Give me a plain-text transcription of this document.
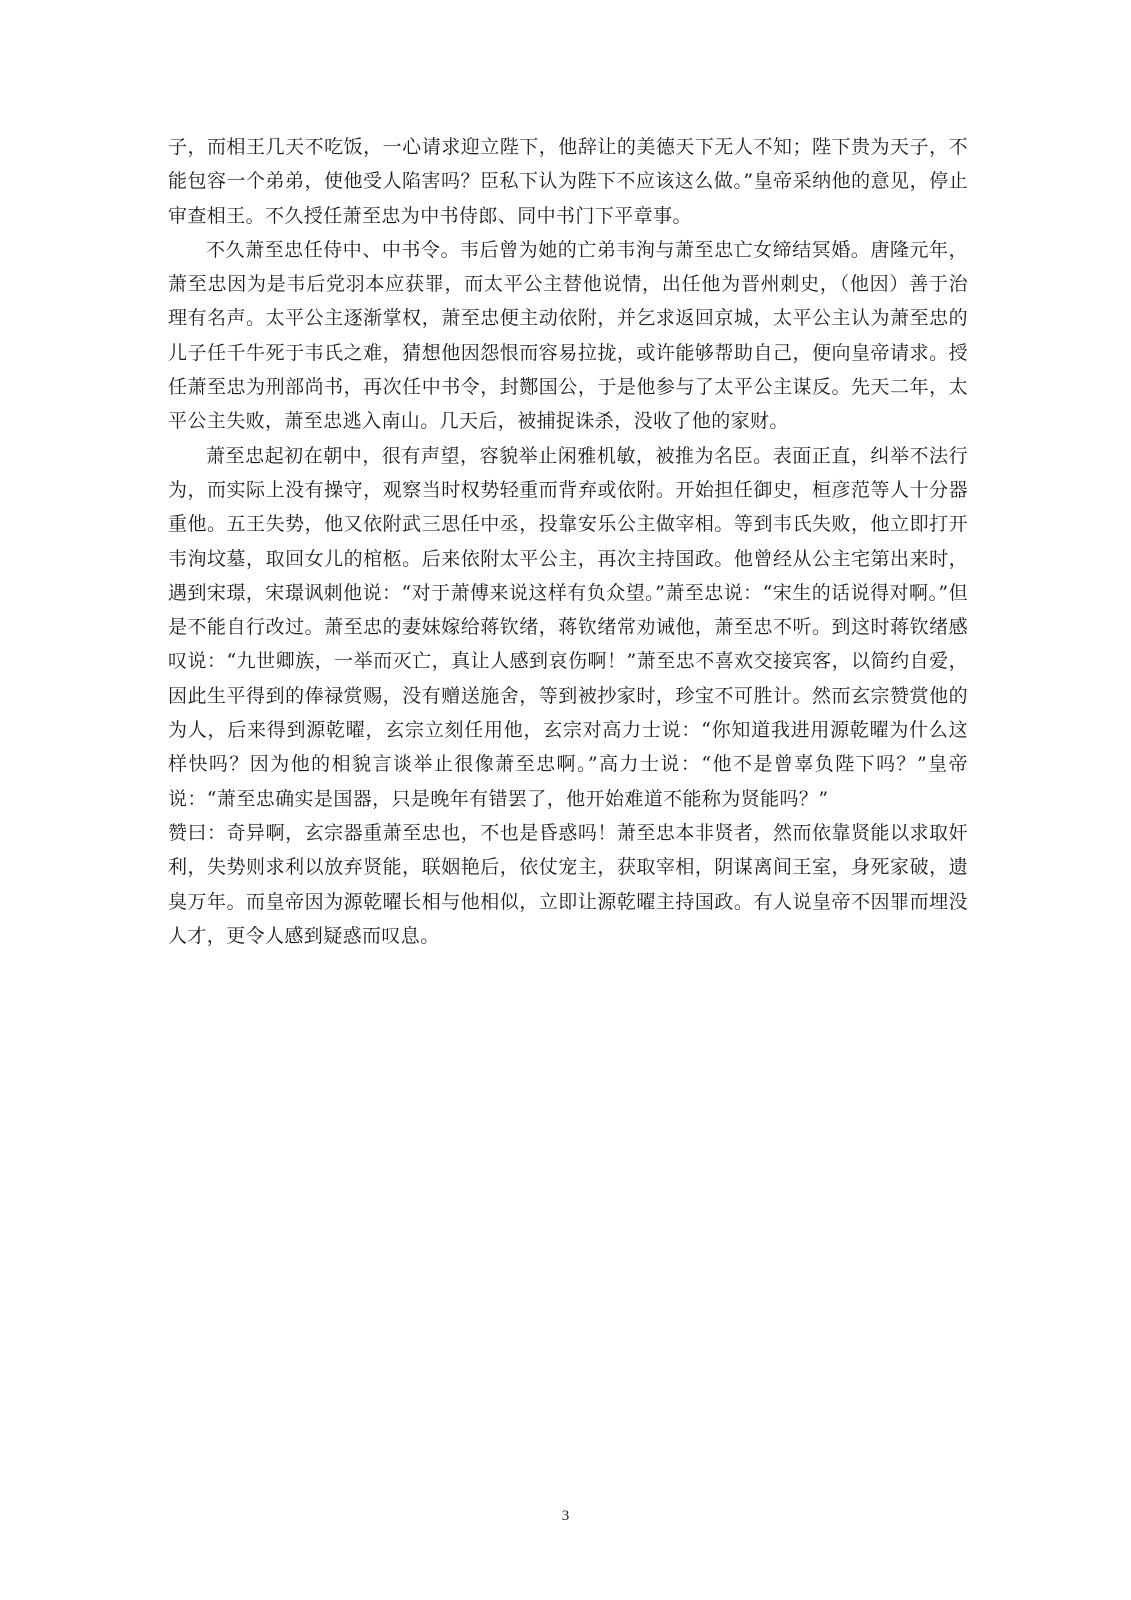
子，而相王几天不吃饭，一心请求迎立陛下，他辞让的美德天下无人不知；陛下贵为天子，不能包容一个弟弟，使他受人陷害吗？臣私下认为陛下不应该这么做。”皇帝采纳他的意见，停止审查相王。不久授任萧至忠为中书侍郎、同中书门下平章事。

不久萧至忠任侍中、中书令。韦后曾为她的亡弟韦洵与萧至忠亡女缔结冥婚。唐隆元年，萧至忠因为是韦后党羽本应获罪，而太平公主替他说情，出任他为晋州刺史，（他因）善于治理有名声。太平公主逐渐掌权，萧至忠便主动依附，并乞求返回京城，太平公主认为萧至忠的儿子任千牛死于韦氏之难，猜想他因怨恨而容易拉拢，或许能够帮助自己，便向皇帝请求。授任萧至忠为刑部尚书，再次任中书令，封酂国公，于是他参与了太平公主谋反。先天二年，太平公主失败，萧至忠逃入南山。几天后，被捕捉诛杀，没收了他的家财。

萧至忠起初在朝中，很有声望，容貌举止闲雅机敏，被推为名臣。表面正直，纠举不法行为，而实际上没有操守，观察当时权势轻重而背弃或依附。开始担任御史，桓彦范等人十分器重他。五王失势，他又依附武三思任中丞，投靠安乐公主做宰相。等到韦氏失败，他立即打开韦洵坟墓，取回女儿的棺柩。后来依附太平公主，再次主持国政。他曾经从公主宅第出来时，遇到宋璟，宋璟讽刺他说：“对于萧傅来说这样有负众望。”萧至忠说：“宋生的话说得对啊。”但是不能自行改过。萧至忠的妻妹嫁给蒋钦绪，蒋钦绪常劝诫他，萧至忠不听。到这时蒋钦绪感叹说：“九世卿族，一举而灭亡，真让人感到哀伤啊！”萧至忠不喜欢交接宾客，以简约自爱，因此生平得到的俸禄赏赐，没有赠送施舍，等到被抄家时，珍宝不可胜计。然而玄宗赞赏他的为人，后来得到源乾曜，玄宗立刻任用他，玄宗对高力士说：“你知道我进用源乾曜为什么这样快吗？因为他的相貌言谈举止很像萧至忠啊。”高力士说：“他不是曾辜负陛下吗？”皇帝说：“萧至忠确实是国器，只是晚年有错罢了，他开始难道不能称为贤能吗？”

赞曰：奇异啊，玄宗器重萧至忠也，不也是昏惑吗！萧至忠本非贤者，然而依靠贤能以求取奸利，失势则求利以放弃贤能，联姻艳后，依仗宠主，获取宰相，阴谋离间王室，身死家破，遗臭万年。而皇帝因为源乾曜长相与他相似，立即让源乾曜主持国政。有人说皇帝不因罪而埋没人才，更令人感到疑惑而叹息。

3
